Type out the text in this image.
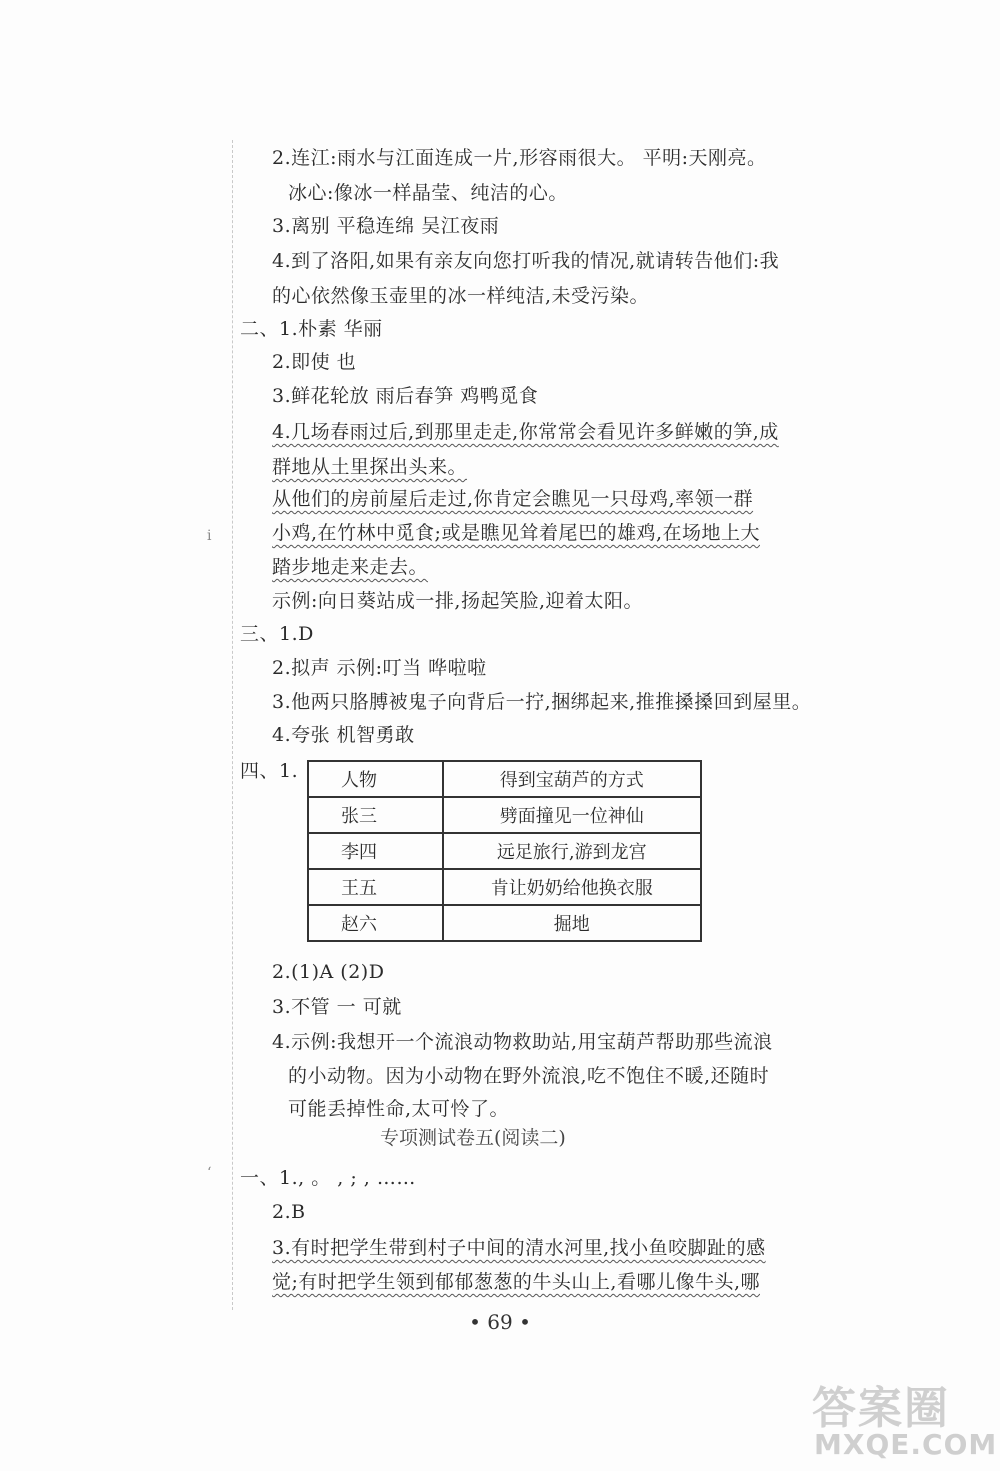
i
ʻ
2.连江:雨水与江面连成一片,形容雨很大。 平明:天刚亮。
冰心:像冰一样晶莹、纯洁的心。
3.离别 平稳连绵 吴江夜雨
4.到了洛阳,如果有亲友向您打听我的情况,就请转告他们:我
的心依然像玉壶里的冰一样纯洁,未受污染。
二、1.朴素 华丽
2.即使 也
3.鲜花轮放 雨后春笋 鸡鸭觅食
4.几场春雨过后,到那里走走,你常常会看见许多鲜嫩的笋,成
群地从土里探出头来。
从他们的房前屋后走过,你肯定会瞧见一只母鸡,率领一群
小鸡,在竹林中觅食;或是瞧见耸着尾巴的雄鸡,在场地上大
踏步地走来走去。
示例:向日葵站成一排,扬起笑脸,迎着太阳。
三、1.D
2.拟声 示例:叮当 哗啦啦
3.他两只胳膊被鬼子向背后一拧,捆绑起来,推推搡搡回到屋里。
4.夸张 机智勇敢
四、1. 人物	得到宝葫芦的方式
张三	劈面撞见一位神仙
李四	远足旅行,游到龙宫
王五	肯让奶奶给他换衣服
赵六	掘地
2.(1)A (2)D
3.不管 一 可就
4.示例:我想开一个流浪动物救助站,用宝葫芦帮助那些流浪
的小动物。因为小动物在野外流浪,吃不饱住不暖,还随时
可能丢掉性命,太可怜了。
专项测试卷五(阅读二)
一、1., 。 , ; , ……
2.B
3.有时把学生带到村子中间的清水河里,找小鱼咬脚趾的感
觉;有时把学生领到郁郁葱葱的牛头山上,看哪儿像牛头,哪
• 69 •
答案圈
MXQE.COM
